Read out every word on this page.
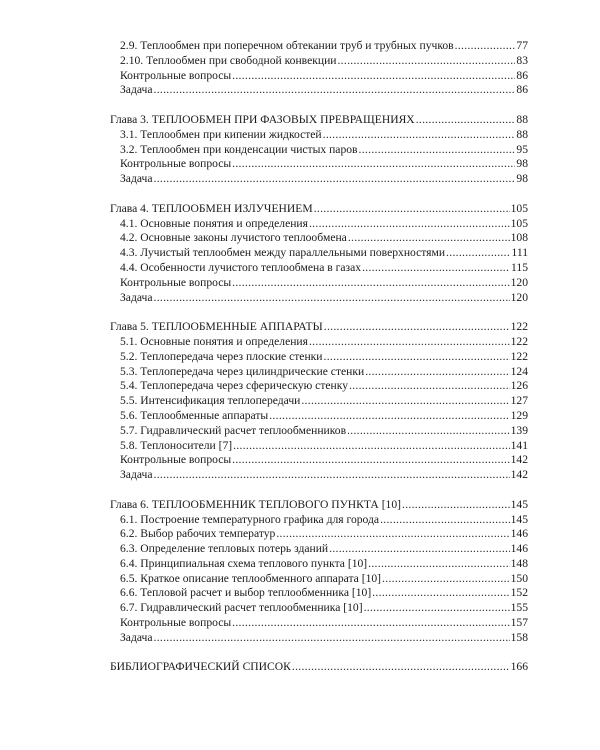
2.9. Теплообмен при поперечном обтекании труб и трубных пучков .....	77
2.10. Теплообмен при свободной конвекции .....	83
Контрольные вопросы .....	86
Задача .....	86
Глава 3. ТЕПЛООБМЕН ПРИ ФАЗОВЫХ ПРЕВРАЩЕНИЯХ .....	88
3.1. Теплообмен при кипении жидкостей .....	88
3.2. Теплообмен при конденсации чистых паров .....	95
Контрольные вопросы .....	98
Задача .....	98
Глава 4. ТЕПЛООБМЕН ИЗЛУЧЕНИЕМ .....	105
4.1. Основные понятия и определения .....	105
4.2. Основные законы лучистого теплообмена .....	108
4.3. Лучистый теплообмен между параллельными поверхностями .....	111
4.4. Особенности лучистого теплообмена в газах .....	115
Контрольные вопросы .....	120
Задача .....	120
Глава 5. ТЕПЛООБМЕННЫЕ АППАРАТЫ .....	122
5.1. Основные понятия и определения .....	122
5.2. Теплопередача через плоские стенки .....	122
5.3. Теплопередача через цилиндрические стенки .....	124
5.4. Теплопередача через сферическую стенку .....	126
5.5. Интенсификация теплопередачи .....	127
5.6. Теплообменные аппараты .....	129
5.7. Гидравлический расчет теплообменников .....	139
5.8. Теплоносители [7] .....	141
Контрольные вопросы .....	142
Задача .....	142
Глава 6. ТЕПЛООБМЕННИК ТЕПЛОВОГО ПУНКТА [10] .....	145
6.1. Построение температурного графика для города .....	145
6.2. Выбор рабочих температур .....	146
6.3. Определение тепловых потерь зданий .....	146
6.4. Принципиальная схема теплового пункта [10] .....	148
6.5. Краткое описание теплообменного аппарата [10] .....	150
6.6. Тепловой расчет и выбор теплообменника [10] .....	152
6.7. Гидравлический расчет теплообменника [10] .....	155
Контрольные вопросы .....	157
Задача .....	158
БИБЛИОГРАФИЧЕСКИЙ СПИСОК .....	166
